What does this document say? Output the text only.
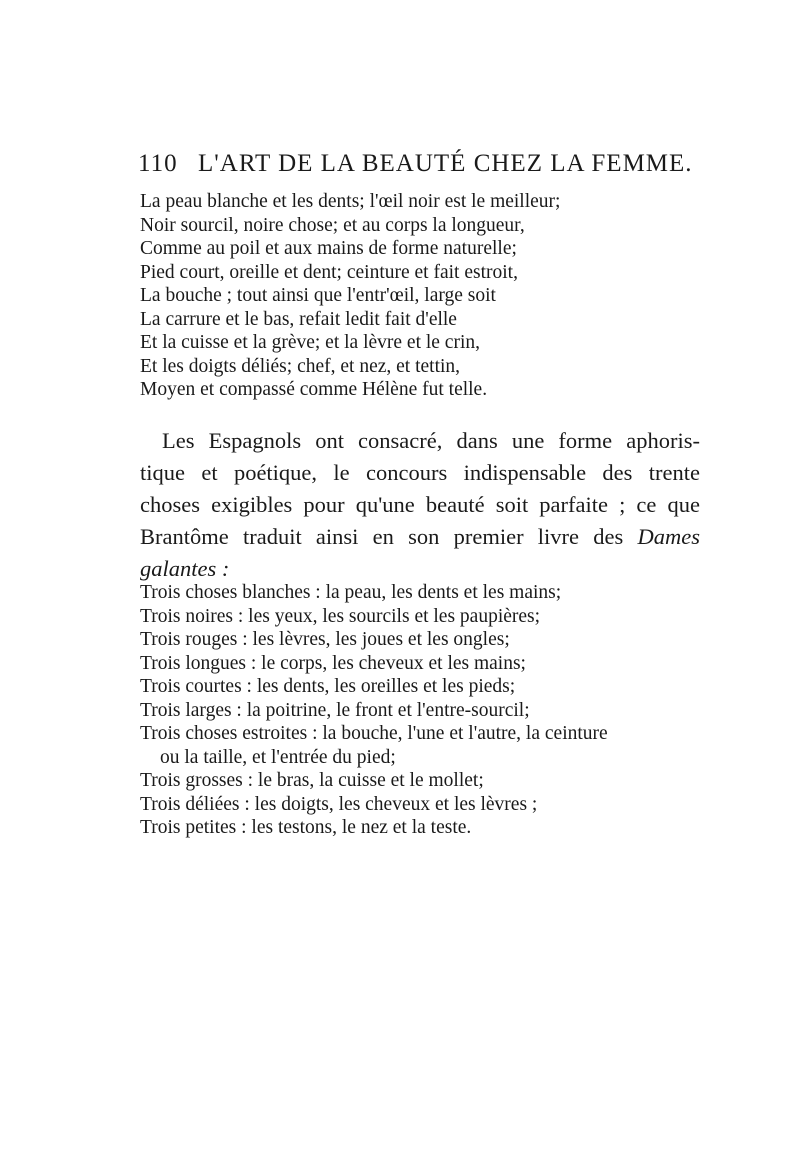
110 L'ART DE LA BEAUTÉ CHEZ LA FEMME.
La peau blanche et les dents; l'œil noir est le meilleur;
Noir sourcil, noire chose; et au corps la longueur,
Comme au poil et aux mains de forme naturelle;
Pied court, oreille et dent; ceinture et fait estroit,
La bouche ; tout ainsi que l'entr'œil, large soit
La carrure et le bas, refait ledit fait d'elle
Et la cuisse et la grève; et la lèvre et le crin,
Et les doigts déliés; chef, et nez, et tettin,
Moyen et compassé comme Hélène fut telle.
Les Espagnols ont consacré, dans une forme aphoris-
tique et poétique, le concours indispensable des trente
choses exigibles pour qu'une beauté soit parfaite ; ce que
Brantôme traduit ainsi en son premier livre des Dames
galantes :
Trois choses blanches : la peau, les dents et les mains;
Trois noires : les yeux, les sourcils et les paupières;
Trois rouges : les lèvres, les joues et les ongles;
Trois longues : le corps, les cheveux et les mains;
Trois courtes : les dents, les oreilles et les pieds;
Trois larges : la poitrine, le front et l'entre-sourcil;
Trois choses estroites : la bouche, l'une et l'autre, la ceinture
ou la taille, et l'entrée du pied;
Trois grosses : le bras, la cuisse et le mollet;
Trois déliées : les doigts, les cheveux et les lèvres ;
Trois petites : les testons, le nez et la teste.
